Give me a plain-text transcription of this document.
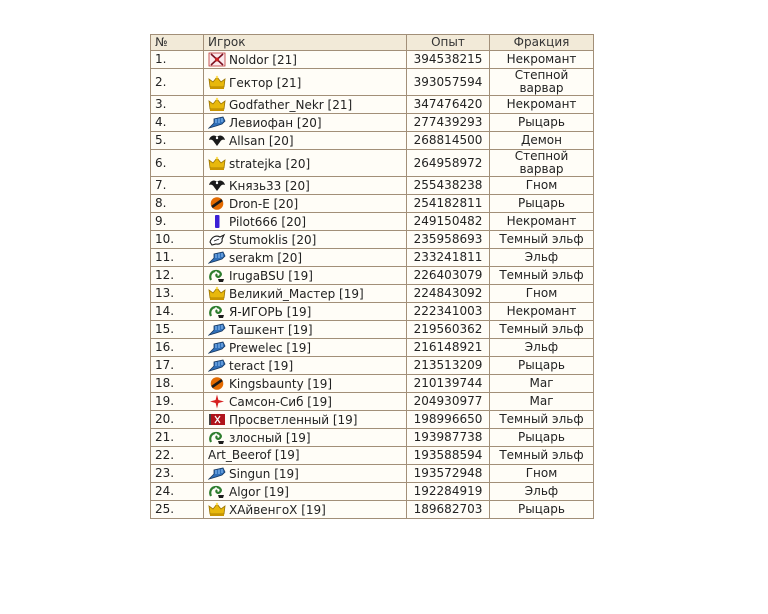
№	Игрок	Опыт	Фракция
1.	Noldor [21]	394538215	Некромант
2.	Гектор [21]	393057594	Степной варвар
3.	Godfather_Nekr [21]	347476420	Некромант
4.	Левиофан [20]	277439293	Рыцарь
5.	Allsan [20]	268814500	Демон
6.	stratejka [20]	264958972	Степной варвар
7.	Князь33 [20]	255438238	Гном
8.	Dron-E [20]	254182811	Рыцарь
9.	Pilot666 [20]	249150482	Некромант
10.	Stumoklis [20]	235958693	Темный эльф
11.	serakm [20]	233241811	Эльф
12.	IrugaBSU [19]	226403079	Темный эльф
13.	Великий_Мастер [19]	224843092	Гном
14.	Я-ИГОРЬ [19]	222341003	Некромант
15.	Ташкент [19]	219560362	Темный эльф
16.	Prewelec [19]	216148921	Эльф
17.	teract [19]	213513209	Рыцарь
18.	Kingsbaunty [19]	210139744	Маг
19.	Самсон-Сиб [19]	204930977	Маг
20.	Просветленный [19]	198996650	Темный эльф
21.	злосный [19]	193987738	Рыцарь
22.	Art_Beerof [19]	193588594	Темный эльф
23.	Singun [19]	193572948	Гном
24.	Algor [19]	192284919	Эльф
25.	ХАйвенгоХ [19]	189682703	Рыцарь
